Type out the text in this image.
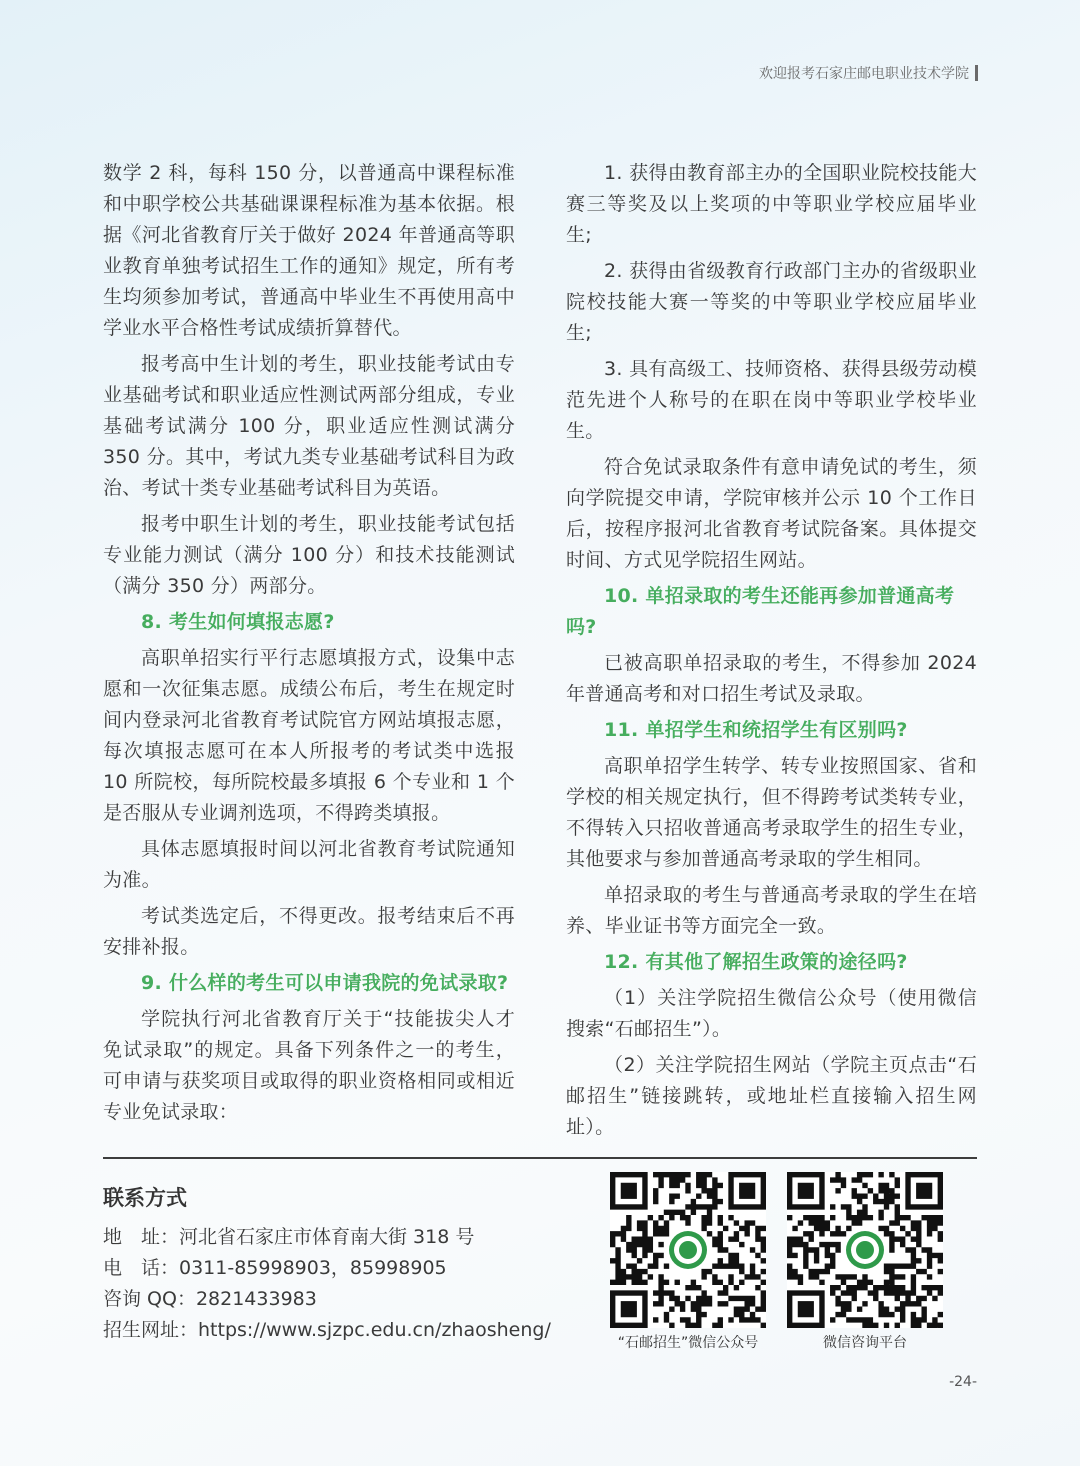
欢迎报考石家庄邮电职业技术学院

数学 2 科，每科 150 分，以普通高中课程标准和中职学校公共基础课课程标准为基本依据。根据《河北省教育厅关于做好 2024 年普通高等职业教育单独考试招生工作的通知》规定，所有考生均须参加考试，普通高中毕业生不再使用高中学业水平合格性考试成绩折算替代。

报考高中生计划的考生，职业技能考试由专业基础考试和职业适应性测试两部分组成，专业基础考试满分 100 分，职业适应性测试满分 350 分。其中，考试九类专业基础考试科目为政治、考试十类专业基础考试科目为英语。

报考中职生计划的考生，职业技能考试包括专业能力测试（满分 100 分）和技术技能测试（满分 350 分）两部分。

8. 考生如何填报志愿?

高职单招实行平行志愿填报方式，设集中志愿和一次征集志愿。成绩公布后，考生在规定时间内登录河北省教育考试院官方网站填报志愿，每次填报志愿可在本人所报考的考试类中选报 10 所院校，每所院校最多填报 6 个专业和 1 个是否服从专业调剂选项，不得跨类填报。

具体志愿填报时间以河北省教育考试院通知为准。

考试类选定后，不得更改。报考结束后不再安排补报。

9. 什么样的考生可以申请我院的免试录取?

学院执行河北省教育厅关于“技能拔尖人才免试录取”的规定。具备下列条件之一的考生，可申请与获奖项目或取得的职业资格相同或相近专业免试录取：

1. 获得由教育部主办的全国职业院校技能大赛三等奖及以上奖项的中等职业学校应届毕业生;

2. 获得由省级教育行政部门主办的省级职业院校技能大赛一等奖的中等职业学校应届毕业生;

3. 具有高级工、技师资格、获得县级劳动模范先进个人称号的在职在岗中等职业学校毕业生。

符合免试录取条件有意申请免试的考生，须向学院提交申请，学院审核并公示 10 个工作日后，按程序报河北省教育考试院备案。具体提交时间、方式见学院招生网站。

10. 单招录取的考生还能再参加普通高考吗?

已被高职单招录取的考生，不得参加 2024 年普通高考和对口招生考试及录取。

11. 单招学生和统招学生有区别吗?

高职单招学生转学、转专业按照国家、省和学校的相关规定执行，但不得跨考试类转专业，不得转入只招收普通高考录取学生的招生专业，其他要求与参加普通高考录取的学生相同。

单招录取的考生与普通高考录取的学生在培养、毕业证书等方面完全一致。

12. 有其他了解招生政策的途径吗?

（1）关注学院招生微信公众号（使用微信搜索“石邮招生”）。

（2）关注学院招生网站（学院主页点击“石邮招生”链接跳转，或地址栏直接输入招生网址）。

联系方式

地　址：河北省石家庄市体育南大街 318 号

电　话：0311-85998903，85998905

咨询 QQ：2821433983

招生网址：https://www.sjzpc.edu.cn/zhaosheng/

“石邮招生”微信公众号	微信咨询平台
-24-
